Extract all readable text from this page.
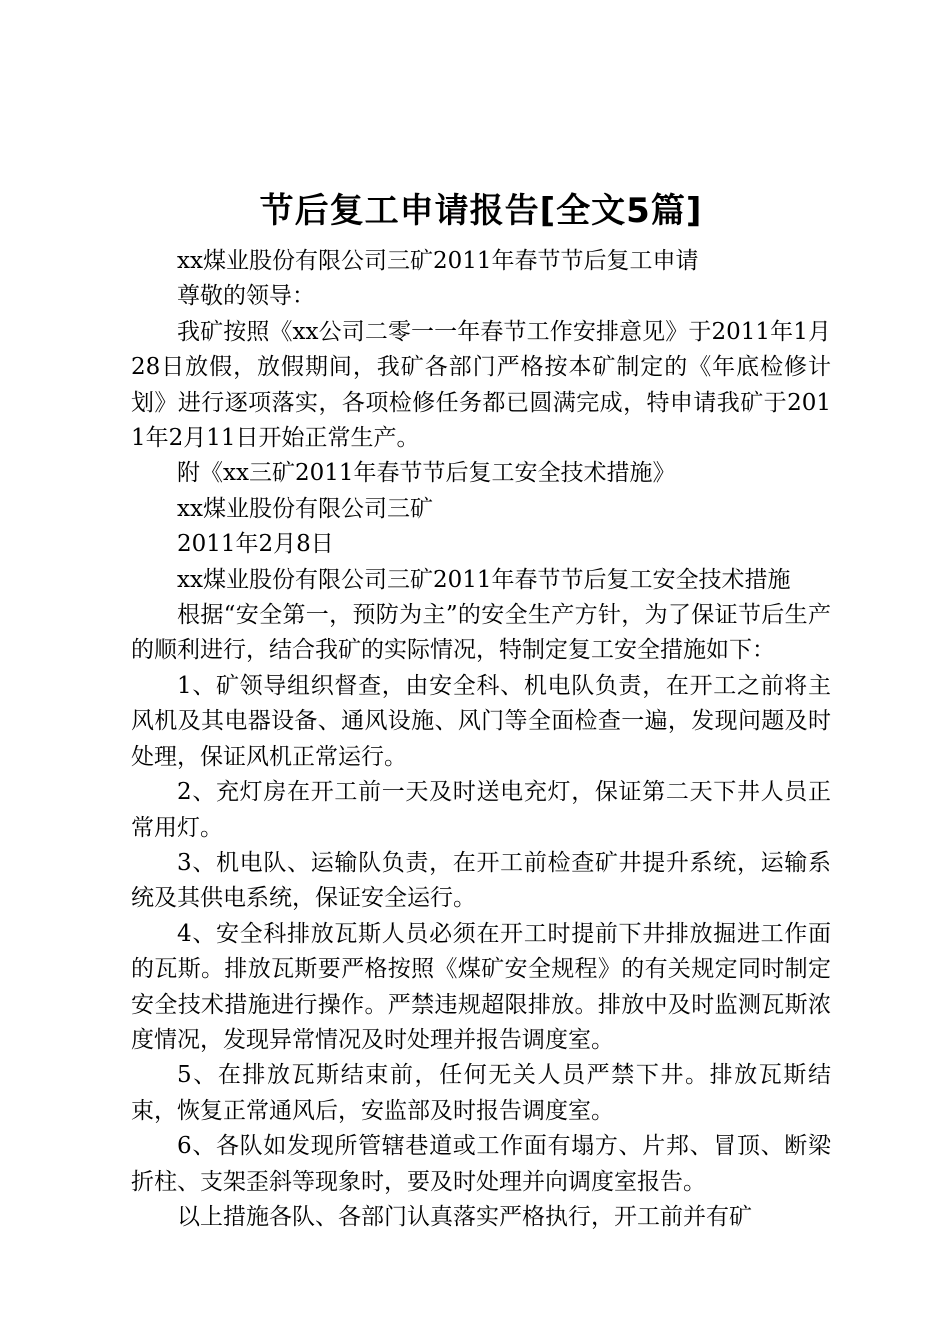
节后复工申请报告[全文5篇]

xx煤业股份有限公司三矿2011年春节节后复工申请

尊敬的领导：

我矿按照《xx公司二零一一年春节工作安排意见》于2011年1月28日放假，放假期间，我矿各部门严格按本矿制定的《年底检修计划》进行逐项落实，各项检修任务都已圆满完成，特申请我矿于2011年2月11日开始正常生产。

附《xx三矿2011年春节节后复工安全技术措施》

xx煤业股份有限公司三矿

2011年2月8日

xx煤业股份有限公司三矿2011年春节节后复工安全技术措施

根据“安全第一，预防为主”的安全生产方针，为了保证节后生产的顺利进行，结合我矿的实际情况，特制定复工安全措施如下：

1、矿领导组织督查，由安全科、机电队负责，在开工之前将主风机及其电器设备、通风设施、风门等全面检查一遍，发现问题及时处理，保证风机正常运行。

2、充灯房在开工前一天及时送电充灯，保证第二天下井人员正常用灯。

3、机电队、运输队负责，在开工前检查矿井提升系统，运输系统及其供电系统，保证安全运行。

4、安全科排放瓦斯人员必须在开工时提前下井排放掘进工作面的瓦斯。排放瓦斯要严格按照《煤矿安全规程》的有关规定同时制定安全技术措施进行操作。严禁违规超限排放。排放中及时监测瓦斯浓度情况，发现异常情况及时处理并报告调度室。

5、在排放瓦斯结束前，任何无关人员严禁下井。排放瓦斯结束，恢复正常通风后，安监部及时报告调度室。

6、各队如发现所管辖巷道或工作面有塌方、片邦、冒顶、断梁折柱、支架歪斜等现象时，要及时处理并向调度室报告。

以上措施各队、各部门认真落实严格执行，开工前并有矿
